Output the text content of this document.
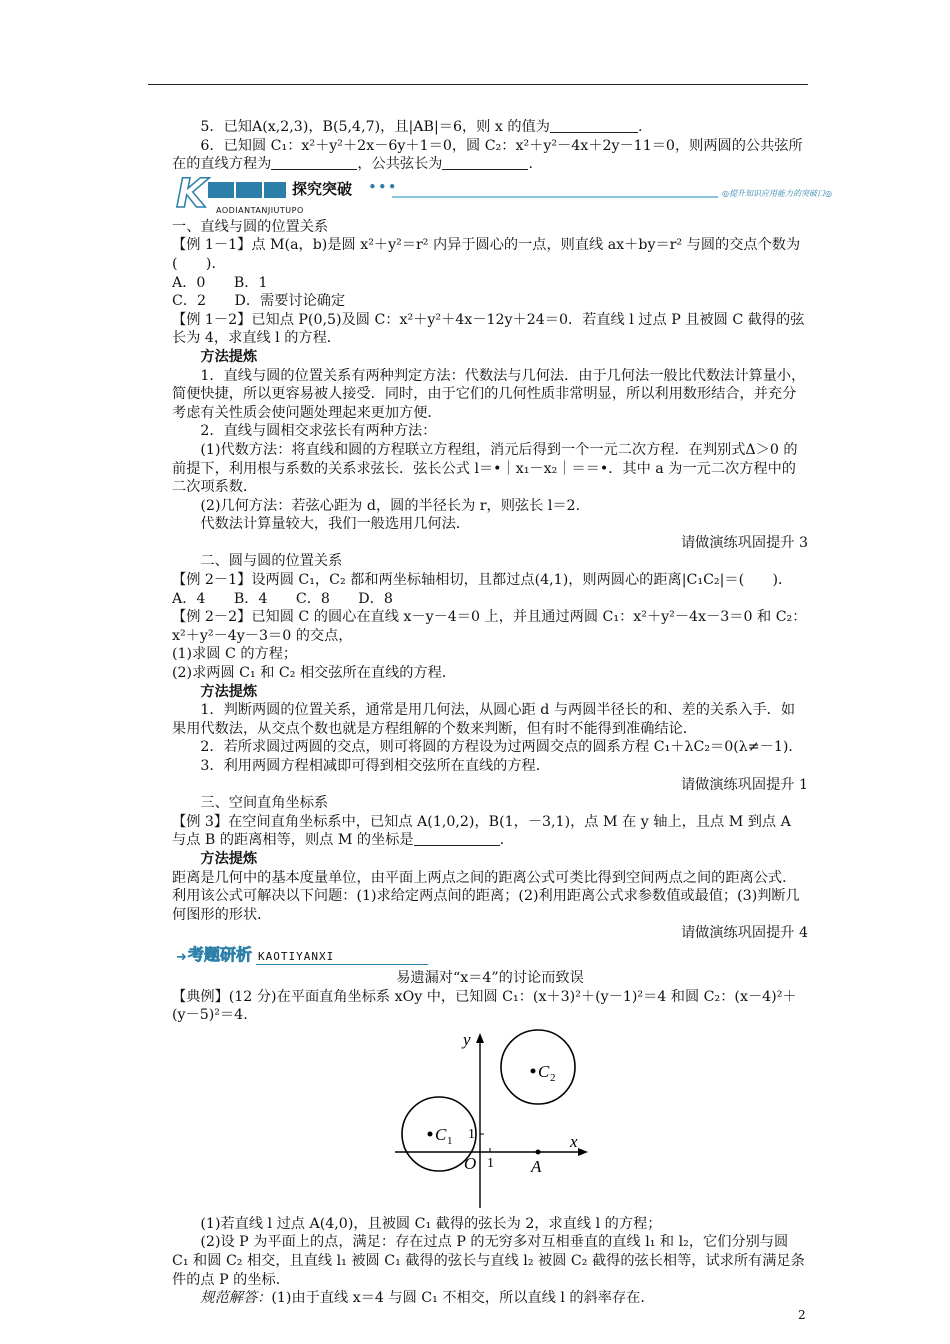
5．已知A(x,2,3)，B(5,4,7)，且|AB|＝6，则 x 的值为	.

6．已知圆 C₁：x²＋y²＋2x－6y＋1＝0，圆 C₂：x²＋y²－4x＋2y－11＝0，则两圆的公共弦所在的直线方程为	，公共弦长为	.

K	探究突破 •••
AODIANTANJIUTUPO
◎提升知识应用能力的突破口◎

一、直线与圆的位置关系

【例 1－1】点 M(a，b)是圆 x²＋y²＝r² 内异于圆心的一点，则直线 ax＋by＝r² 与圆的交点个数为(　　)．

A．0　　B．1

C．2　　D．需要讨论确定

【例 1－2】已知点 P(0,5)及圆 C：x²＋y²＋4x－12y＋24＝0．若直线 l 过点 P 且被圆 C 截得的弦长为 4，求直线 l 的方程．

方法提炼

1．直线与圆的位置关系有两种判定方法：代数法与几何法．由于几何法一般比代数法计算量小，简便快捷，所以更容易被人接受．同时，由于它们的几何性质非常明显，所以利用数形结合，并充分考虑有关性质会使问题处理起来更加方便．

2．直线与圆相交求弦长有两种方法：

(1)代数方法：将直线和圆的方程联立方程组，消元后得到一个一元二次方程．在判别式Δ＞0 的前提下，利用根与系数的关系求弦长．弦长公式 l＝•｜x₁－x₂｜＝＝•．其中 a 为一元二次方程中的二次项系数．

(2)几何方法：若弦心距为 d，圆的半径长为 r，则弦长 l＝2.

代数法计算量较大，我们一般选用几何法．

请做演练巩固提升 3

二、圆与圆的位置关系

【例 2－1】设两圆 C₁，C₂ 都和两坐标轴相切，且都过点(4,1)，则两圆心的距离|C₁C₂|＝(　　)．

A．4　　B．4　　C．8　　D．8

【例 2－2】已知圆 C 的圆心在直线 x－y－4＝0 上，并且通过两圆 C₁：x²＋y²－4x－3＝0 和 C₂：x²＋y²－4y－3＝0 的交点，

(1)求圆 C 的方程；

(2)求两圆 C₁ 和 C₂ 相交弦所在直线的方程．

方法提炼

1．判断两圆的位置关系，通常是用几何法，从圆心距 d 与两圆半径长的和、差的关系入手．如果用代数法，从交点个数也就是方程组解的个数来判断，但有时不能得到准确结论．

2．若所求圆过两圆的交点，则可将圆的方程设为过两圆交点的圆系方程 C₁＋λC₂＝0(λ≠－1)．

3．利用两圆方程相减即可得到相交弦所在直线的方程．

请做演练巩固提升 1

三、空间直角坐标系

【例 3】在空间直角坐标系中，已知点 A(1,0,2)，B(1，－3,1)，点 M 在 y 轴上，且点 M 到点 A 与点 B 的距离相等，则点 M 的坐标是	.

方法提炼

距离是几何中的基本度量单位，由平面上两点之间的距离公式可类比得到空间两点之间的距离公式．利用该公式可解决以下问题：(1)求给定两点间的距离；(2)利用距离公式求参数值或最值；(3)判断几何图形的形状．

请做演练巩固提升 4

➜ 考题研析 KAOTIYANXI

易遗漏对“x＝4”的讨论而致误

【典例】(12 分)在平面直角坐标系 xOy 中，已知圆 C₁：(x＋3)²＋(y－1)²＝4 和圆 C₂：(x－4)²＋(y－5)²＝4.

y
x
O
1
1 A
C 1
C 2

(1)若直线 l 过点 A(4,0)，且被圆 C₁ 截得的弦长为 2，求直线 l 的方程；

(2)设 P 为平面上的点，满足：存在过点 P 的无穷多对互相垂直的直线 l₁ 和 l₂，它们分别与圆 C₁ 和圆 C₂ 相交，且直线 l₁ 被圆 C₁ 截得的弦长与直线 l₂ 被圆 C₂ 截得的弦长相等，试求所有满足条件的点 P 的坐标．

规范解答：(1)由于直线 x＝4 与圆 C₁ 不相交，所以直线 l 的斜率存在．

2
